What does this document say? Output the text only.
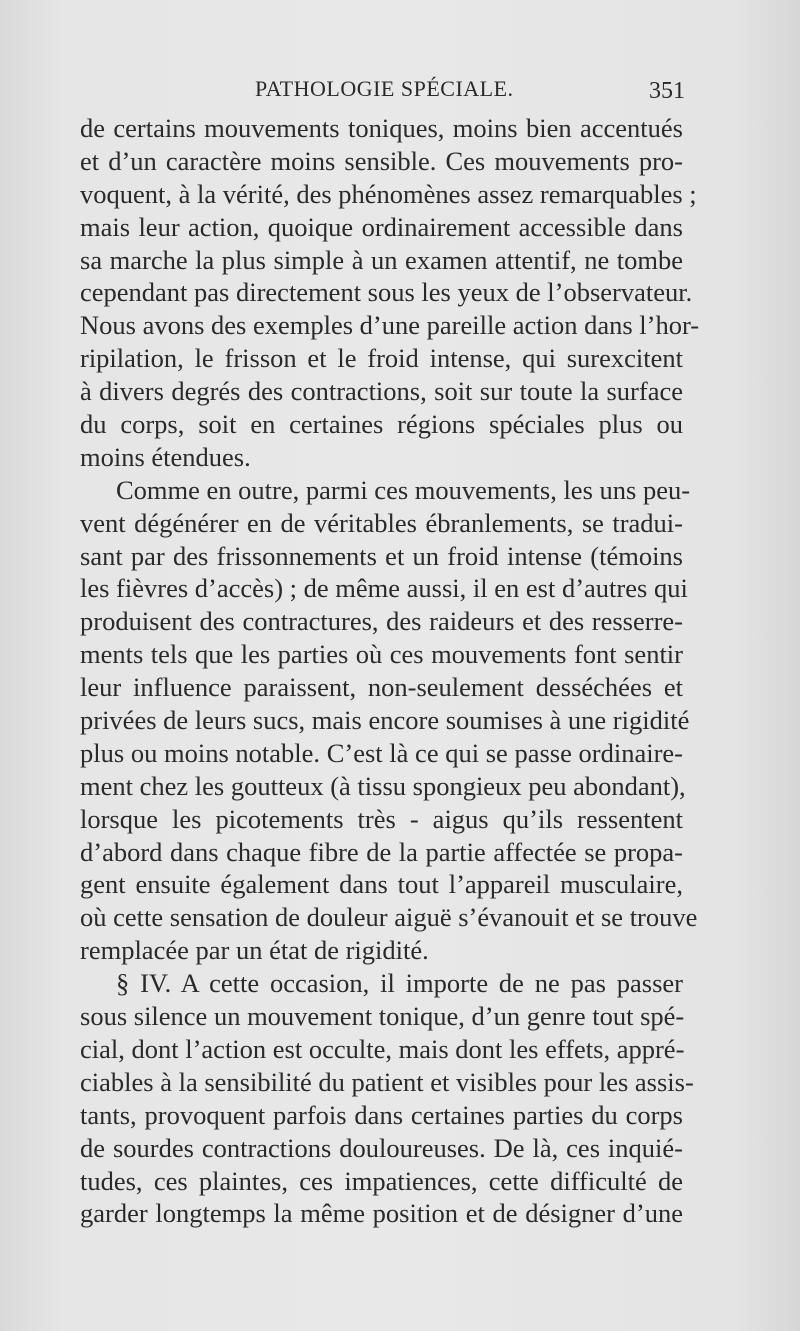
PATHOLOGIE SPÉCIALE.	351
de certains mouvements toniques, moins bien accentués
et d’un caractère moins sensible. Ces mouvements pro-
voquent, à la vérité, des phénomènes assez remarquables ;
mais leur action, quoique ordinairement accessible dans
sa marche la plus simple à un examen attentif, ne tombe
cependant pas directement sous les yeux de l’observateur.
Nous avons des exemples d’une pareille action dans l’hor-
ripilation, le frisson et le froid intense, qui surexcitent
à divers degrés des contractions, soit sur toute la surface
du corps, soit en certaines régions spéciales plus ou
moins étendues.
Comme en outre, parmi ces mouvements, les uns peu-
vent dégénérer en de véritables ébranlements, se tradui-
sant par des frissonnements et un froid intense (témoins
les fièvres d’accès) ; de même aussi, il en est d’autres qui
produisent des contractures, des raideurs et des resserre-
ments tels que les parties où ces mouvements font sentir
leur influence paraissent, non-seulement desséchées et
privées de leurs sucs, mais encore soumises à une rigidité
plus ou moins notable. C’est là ce qui se passe ordinaire-
ment chez les goutteux (à tissu spongieux peu abondant),
lorsque les picotements très - aigus qu’ils ressentent
d’abord dans chaque fibre de la partie affectée se propa-
gent ensuite également dans tout l’appareil musculaire,
où cette sensation de douleur aiguë s’évanouit et se trouve
remplacée par un état de rigidité.
§ IV. A cette occasion, il importe de ne pas passer
sous silence un mouvement tonique, d’un genre tout spé-
cial, dont l’action est occulte, mais dont les effets, appré-
ciables à la sensibilité du patient et visibles pour les assis-
tants, provoquent parfois dans certaines parties du corps
de sourdes contractions douloureuses. De là, ces inquié-
tudes, ces plaintes, ces impatiences, cette difficulté de
garder longtemps la même position et de désigner d’une
